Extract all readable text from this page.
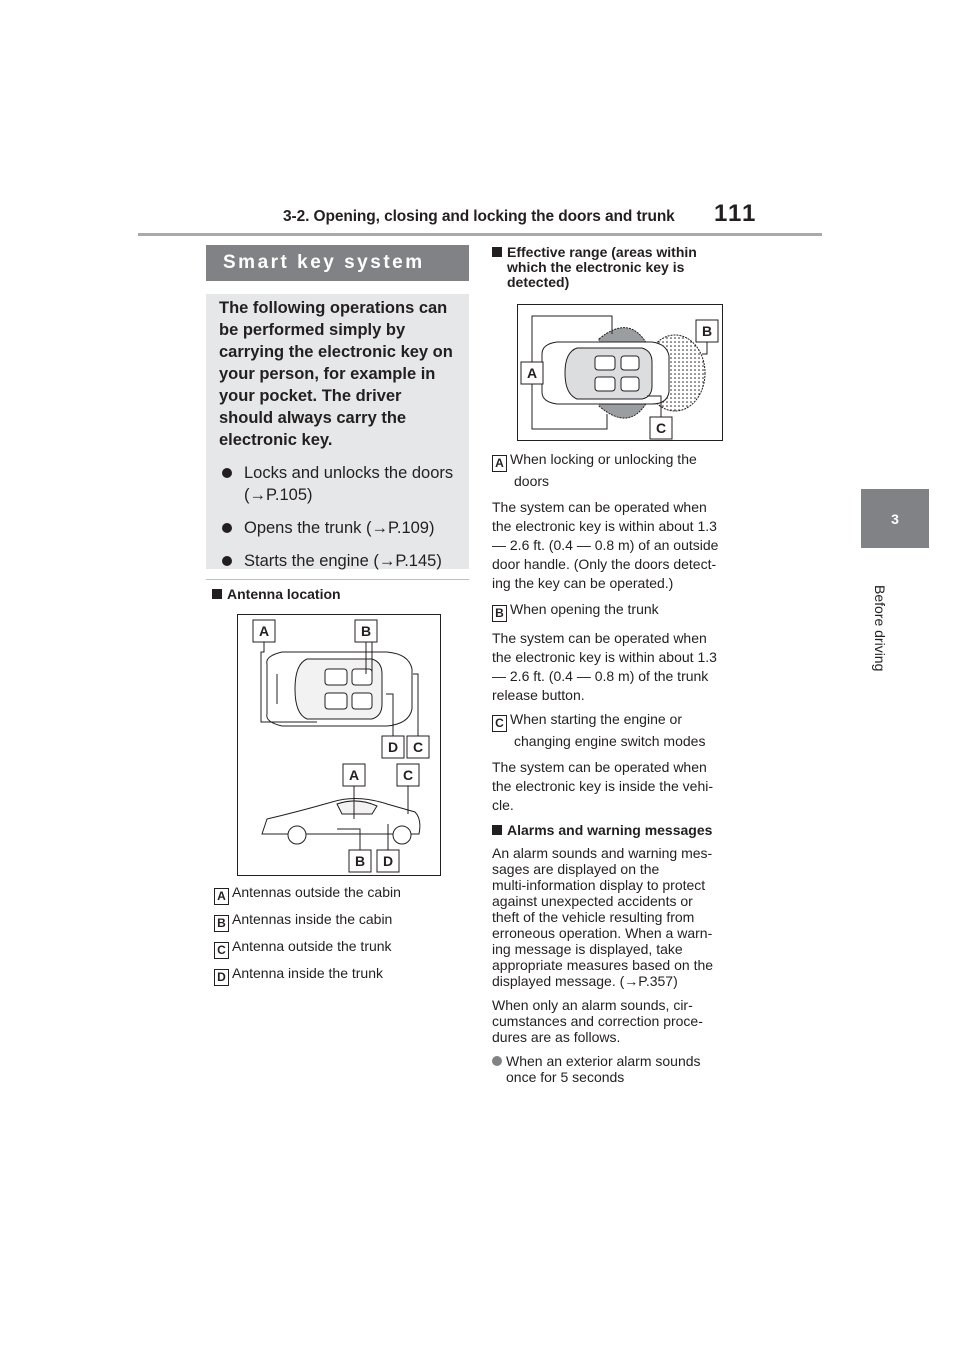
3-2. Opening, closing and locking the doors and trunk 111
3
Before driving
Smart key system

The following operations can be performed simply by carrying the electronic key on your person, for example in your pocket. The driver should always carry the electronic key.

Locks and unlocks the doors (→P.105)
Opens the trunk (→P.109)
Starts the engine (→P.145)
Antenna location
A	B
D C
A	C
B D
A Antennas outside the cabin
B Antennas inside the cabin
C Antenna outside the trunk
D Antenna inside the trunk
Effective range (areas within
which the electronic key is
detected)
A
B
C
A When locking or unlocking the
doors
The system can be operated when
the electronic key is within about 1.3
— 2.6 ft. (0.4 — 0.8 m) of an outside
door handle. (Only the doors detect-
ing the key can be operated.)
B When opening the trunk
The system can be operated when
the electronic key is within about 1.3
— 2.6 ft. (0.4 — 0.8 m) of the trunk
release button.
C When starting the engine or
changing engine switch modes
The system can be operated when
the electronic key is inside the vehi-
cle.
Alarms and warning messages
An alarm sounds and warning mes-
sages are displayed on the
multi-information display to protect
against unexpected accidents or
theft of the vehicle resulting from
erroneous operation. When a warn-
ing message is displayed, take
appropriate measures based on the
displayed message. (→P.357)
When only an alarm sounds, cir-
cumstances and correction proce-
dures are as follows.
When an exterior alarm sounds
once for 5 seconds
